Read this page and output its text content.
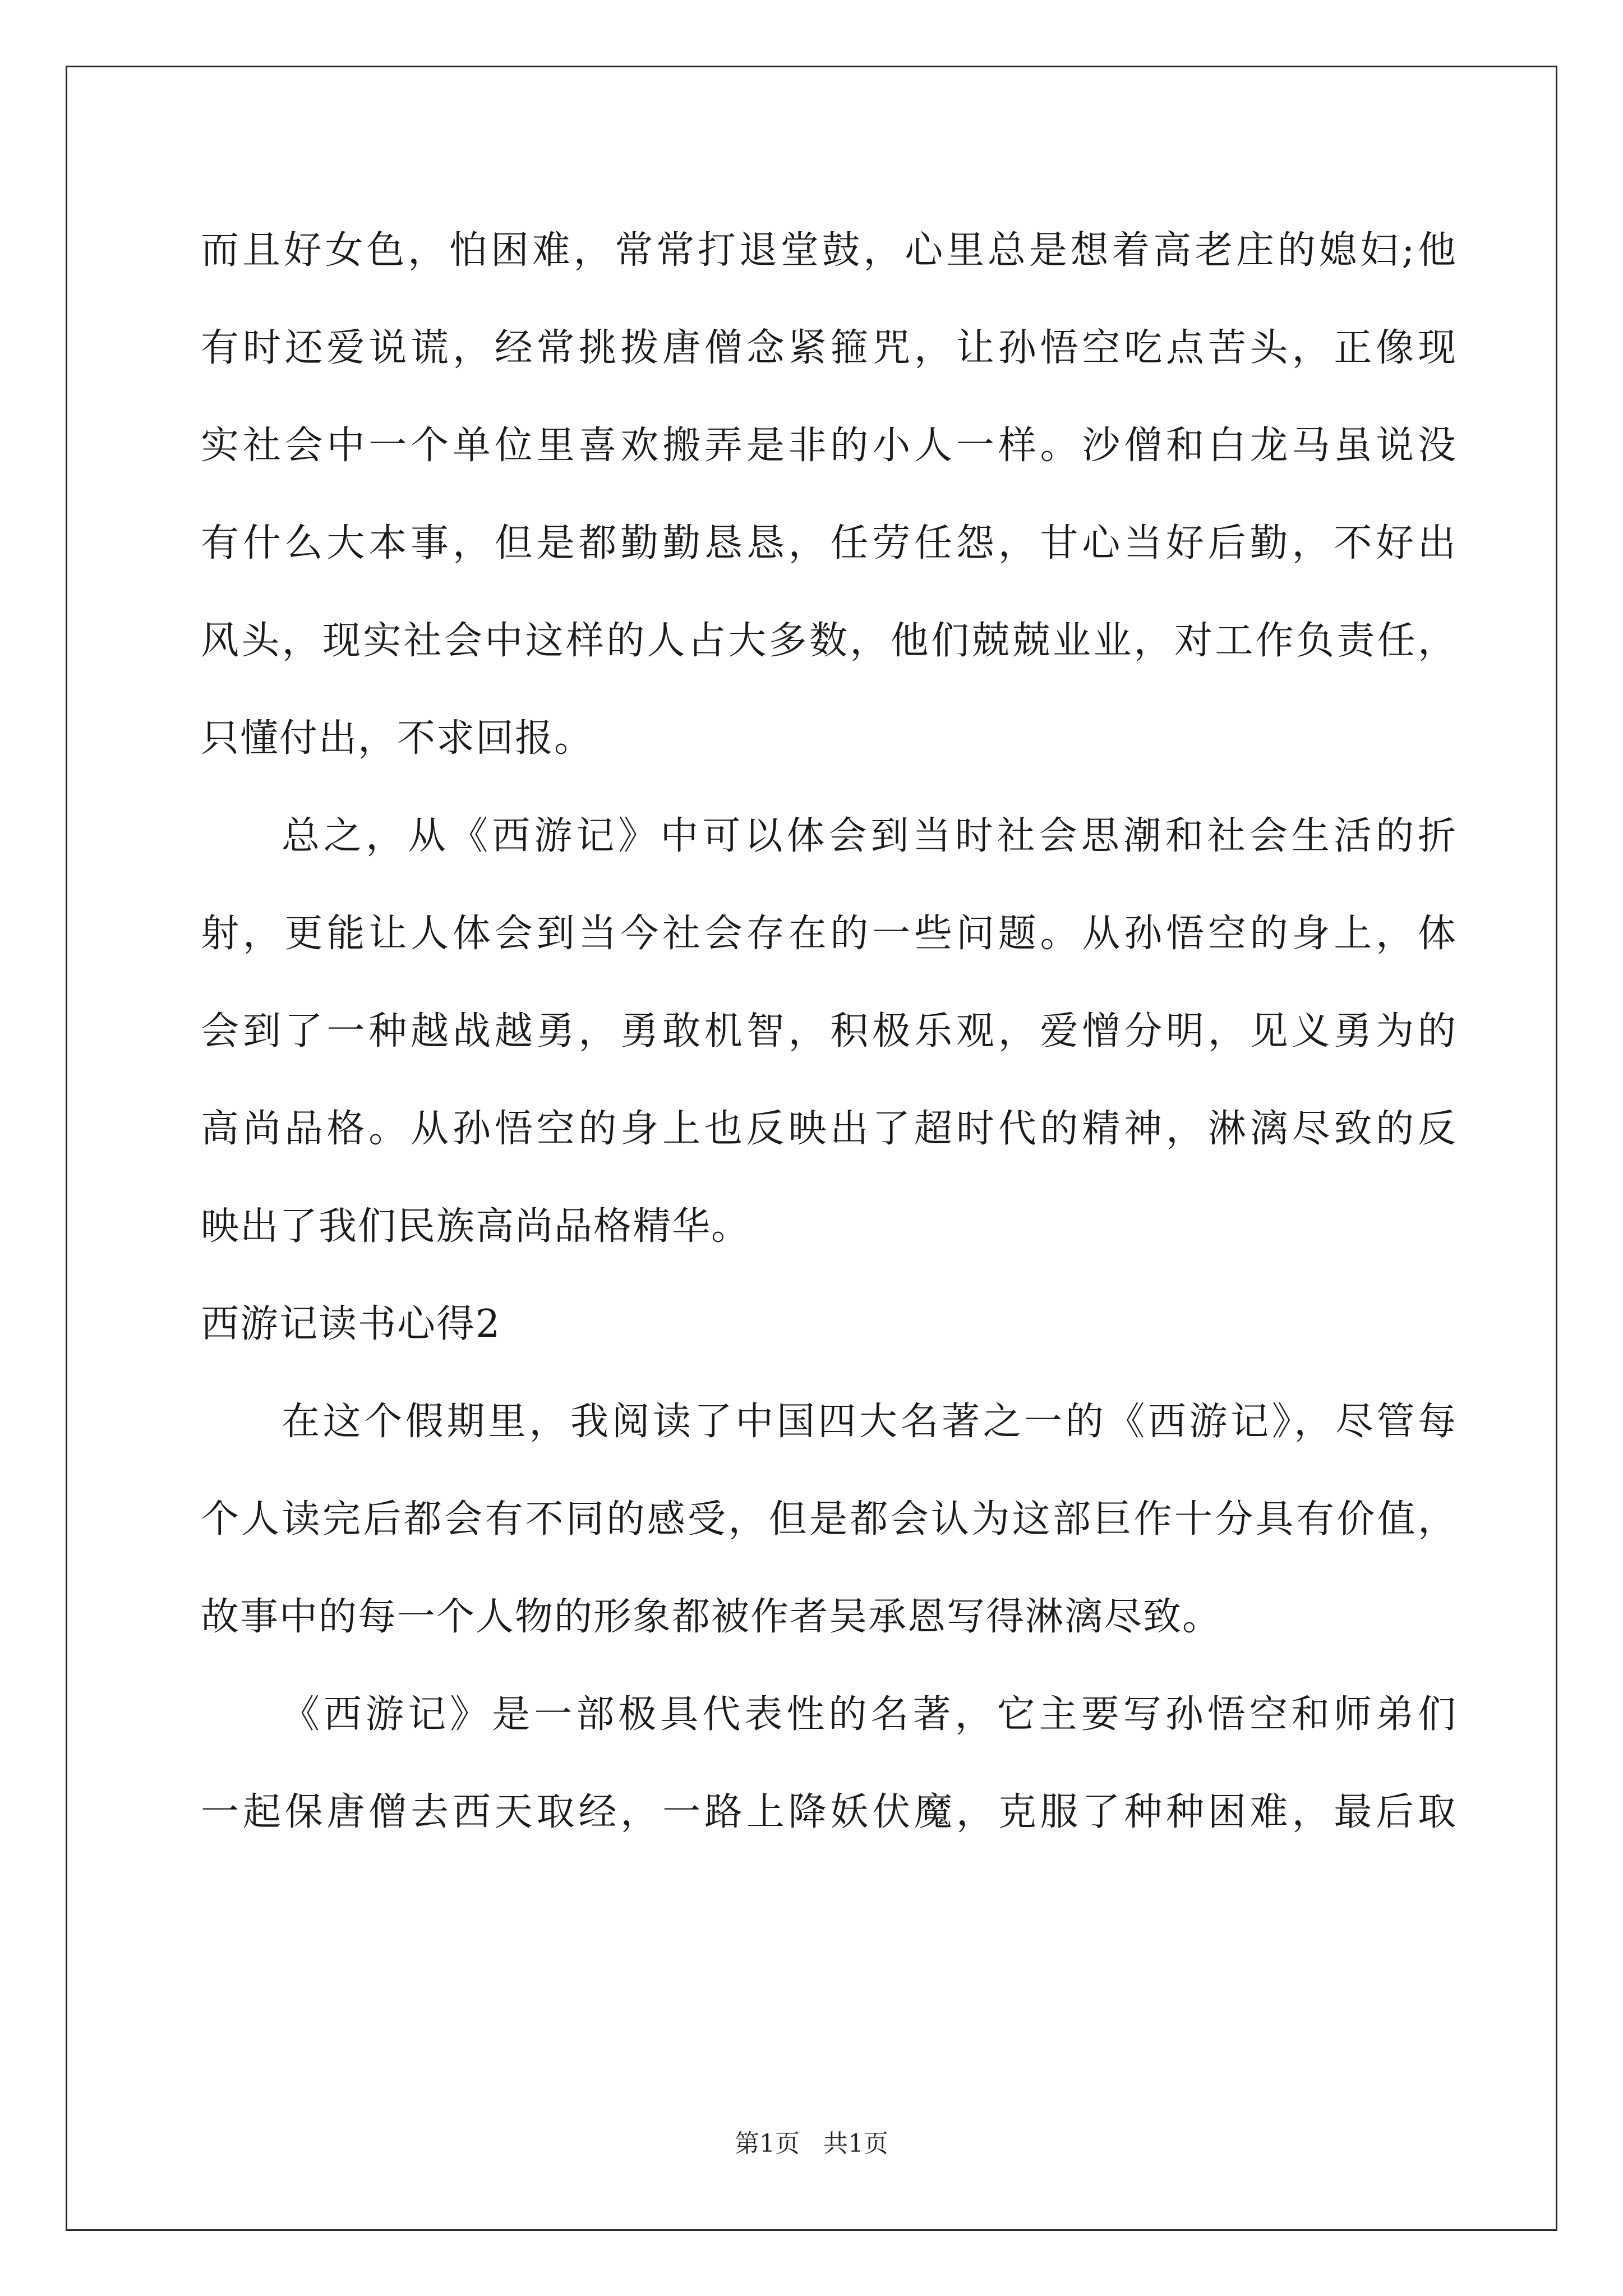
而且好女色，怕困难，常常打退堂鼓，心里总是想着高老庄的媳妇;他

有时还爱说谎，经常挑拨唐僧念紧箍咒，让孙悟空吃点苦头，正像现

实社会中一个单位里喜欢搬弄是非的小人一样。沙僧和白龙马虽说没

有什么大本事，但是都勤勤恳恳，任劳任怨，甘心当好后勤，不好出

风头，现实社会中这样的人占大多数，他们兢兢业业，对工作负责任，

只懂付出，不求回报。

总之，从《西游记》中可以体会到当时社会思潮和社会生活的折

射，更能让人体会到当今社会存在的一些问题。从孙悟空的身上，体

会到了一种越战越勇，勇敢机智，积极乐观，爱憎分明，见义勇为的

高尚品格。从孙悟空的身上也反映出了超时代的精神，淋漓尽致的反

映出了我们民族高尚品格精华。

西游记读书心得2

在这个假期里，我阅读了中国四大名著之一的《西游记》，尽管每

个人读完后都会有不同的感受，但是都会认为这部巨作十分具有价值，

故事中的每一个人物的形象都被作者吴承恩写得淋漓尽致。

《西游记》是一部极具代表性的名著，它主要写孙悟空和师弟们

一起保唐僧去西天取经，一路上降妖伏魔，克服了种种困难，最后取

第1页 共1页
